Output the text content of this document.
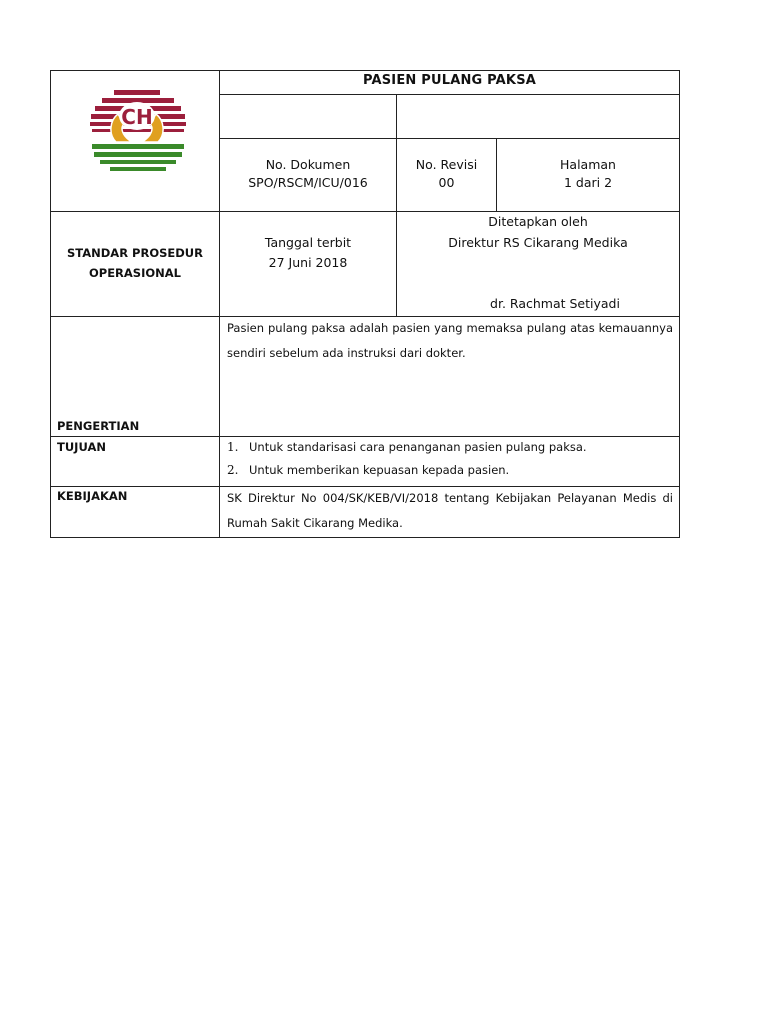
CH
PASIEN PULANG PAKSA
No. Dokumen
SPO/RSCM/ICU/016
No. Revisi
00
Halaman
1 dari 2
STANDAR PROSEDUR
OPERASIONAL
Tanggal terbit
27 Juni 2018
Ditetapkan oleh
Direktur RS Cikarang Medika
dr. Rachmat Setiyadi
PENGERTIAN
Pasien pulang paksa adalah pasien yang memaksa pulang atas kemauannya sendiri sebelum ada instruksi dari dokter.
TUJUAN	1. Untuk standarisasi cara penanganan pasien pulang paksa.
2. Untuk memberikan kepuasan kepada pasien.
KEBIJAKAN	SK Direktur No 004/SK/KEB/VI/2018 tentang Kebijakan Pelayanan Medis di Rumah Sakit Cikarang Medika.
